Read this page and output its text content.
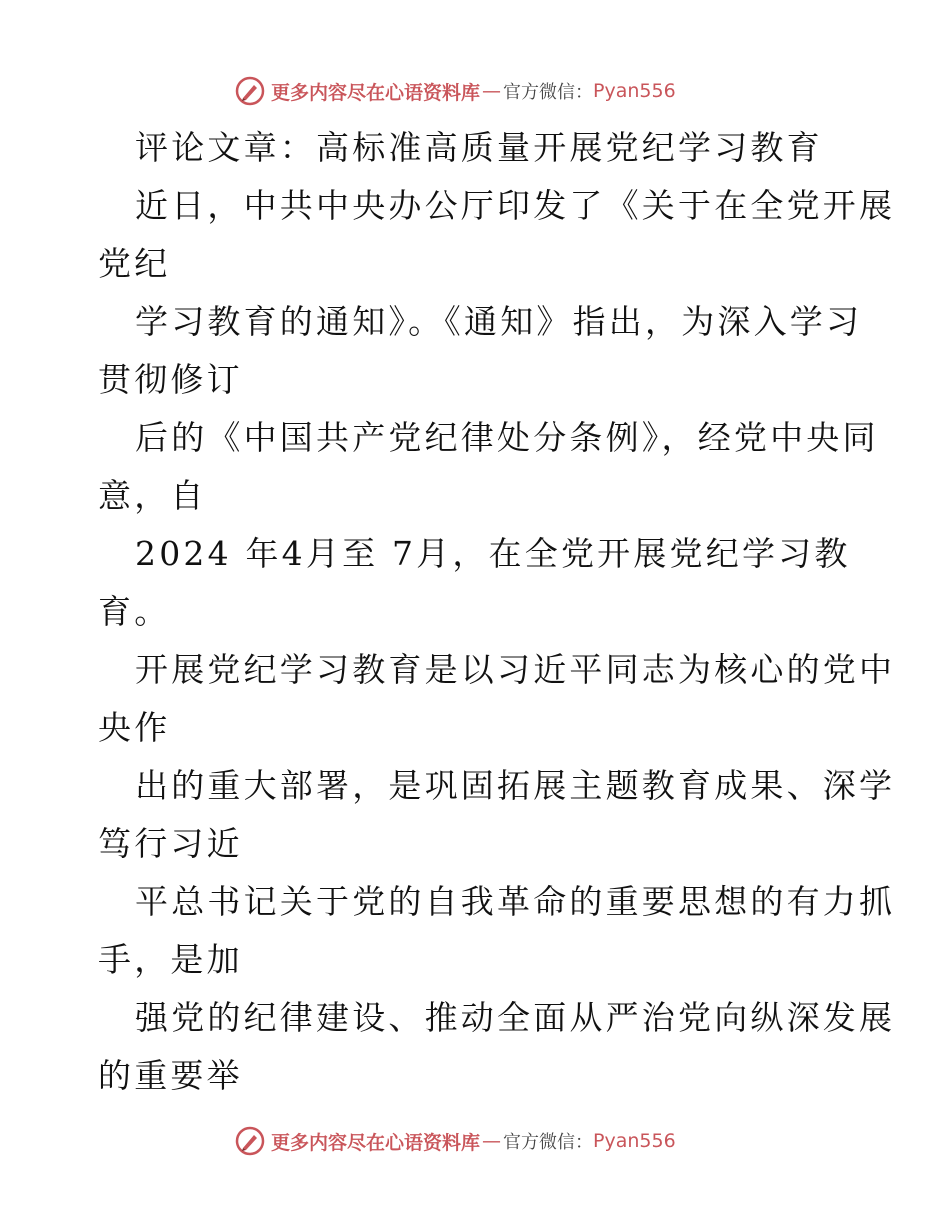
更多内容尽在心语资料库 — 官方微信： Pyan556

评论文章：高标准高质量开展党纪学习教育

近日，中共中央办公厅印发了《关于在全党开展

党纪

学习教育的通知》。《通知》指出，为深入学习

贯彻修订

后的《中国共产党纪律处分条例》，经党中央同

意，自

2024 年4月至 7月，在全党开展党纪学习教

育。

开展党纪学习教育是以习近平同志为核心的党中

央作

出的重大部署，是巩固拓展主题教育成果、深学

笃行习近

平总书记关于党的自我革命的重要思想的有力抓

手，是加

强党的纪律建设、推动全面从严治党向纵深发展

的重要举

更多内容尽在心语资料库 — 官方微信： Pyan556
